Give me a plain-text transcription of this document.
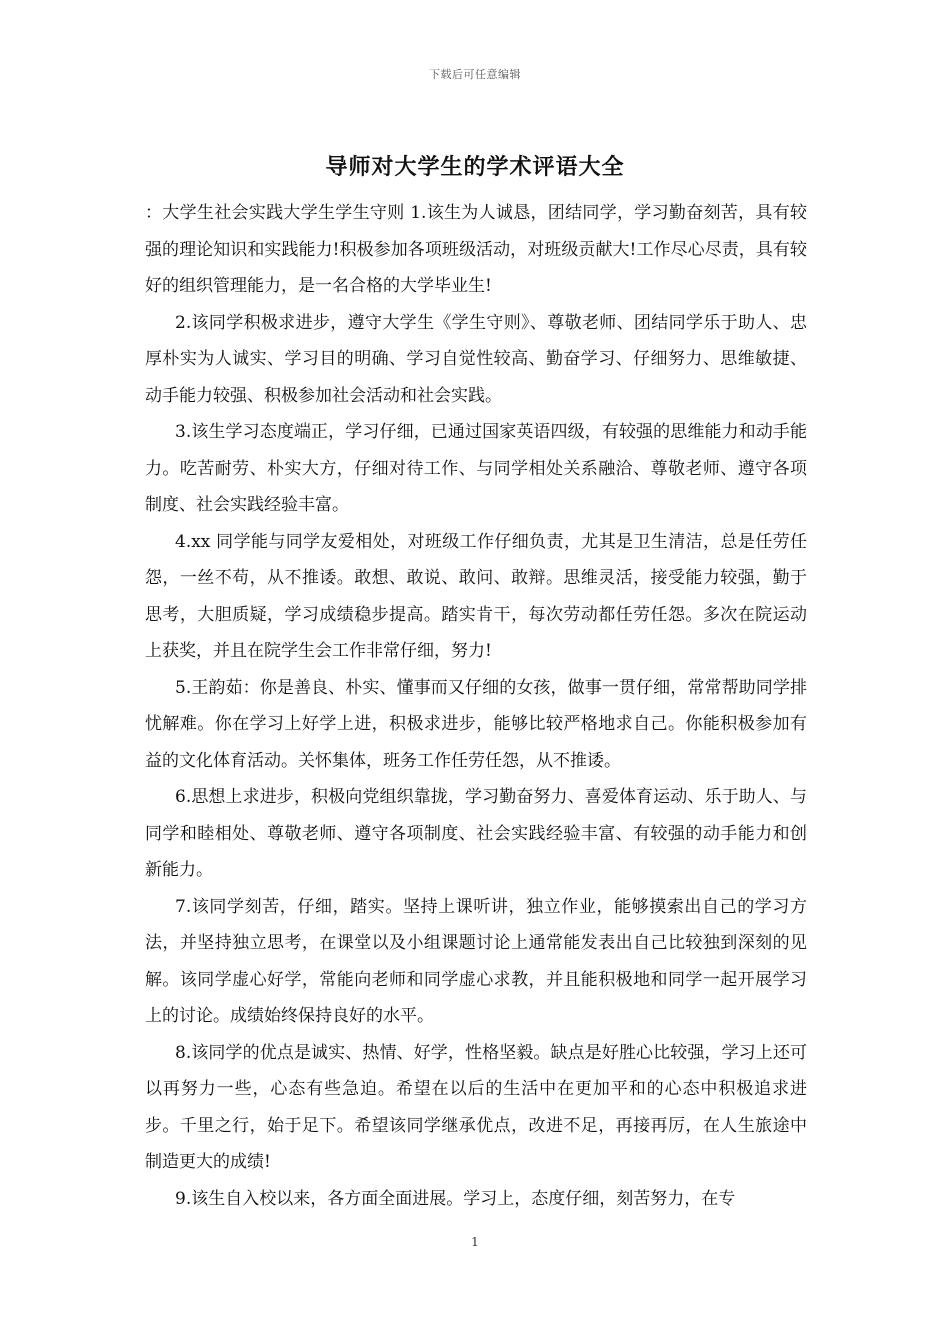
下载后可任意编辑
导师对大学生的学术评语大全

：大学生社会实践大学生学生守则 1.该生为人诚恳，团结同学，学习勤奋刻苦，具有较强的理论知识和实践能力!积极参加各项班级活动，对班级贡献大!工作尽心尽责，具有较好的组织管理能力，是一名合格的大学毕业生!

2.该同学积极求进步，遵守大学生《学生守则》、尊敬老师、团结同学乐于助人、忠厚朴实为人诚实、学习目的明确、学习自觉性较高、勤奋学习、仔细努力、思维敏捷、动手能力较强、积极参加社会活动和社会实践。

3.该生学习态度端正，学习仔细，已通过国家英语四级，有较强的思维能力和动手能力。吃苦耐劳、朴实大方，仔细对待工作、与同学相处关系融洽、尊敬老师、遵守各项制度、社会实践经验丰富。

4.xx 同学能与同学友爱相处，对班级工作仔细负责，尤其是卫生清洁，总是任劳任怨，一丝不苟，从不推诿。敢想、敢说、敢问、敢辩。思维灵活，接受能力较强，勤于思考，大胆质疑，学习成绩稳步提高。踏实肯干，每次劳动都任劳任怨。多次在院运动上获奖，并且在院学生会工作非常仔细，努力!

5.王韵茹：你是善良、朴实、懂事而又仔细的女孩，做事一贯仔细，常常帮助同学排忧解难。你在学习上好学上进，积极求进步，能够比较严格地求自己。你能积极参加有益的文化体育活动。关怀集体，班务工作任劳任怨，从不推诿。

6.思想上求进步，积极向党组织靠拢，学习勤奋努力、喜爱体育运动、乐于助人、与同学和睦相处、尊敬老师、遵守各项制度、社会实践经验丰富、有较强的动手能力和创新能力。

7.该同学刻苦，仔细，踏实。坚持上课听讲，独立作业，能够摸索出自己的学习方法，并坚持独立思考，在课堂以及小组课题讨论上通常能发表出自己比较独到深刻的见解。该同学虚心好学，常能向老师和同学虚心求教，并且能积极地和同学一起开展学习上的讨论。成绩始终保持良好的水平。

8.该同学的优点是诚实、热情、好学，性格坚毅。缺点是好胜心比较强，学习上还可以再努力一些，心态有些急迫。希望在以后的生活中在更加平和的心态中积极追求进步。千里之行，始于足下。希望该同学继承优点，改进不足，再接再厉，在人生旅途中制造更大的成绩!

9.该生自入校以来，各方面全面进展。学习上，态度仔细，刻苦努力，在专

1
